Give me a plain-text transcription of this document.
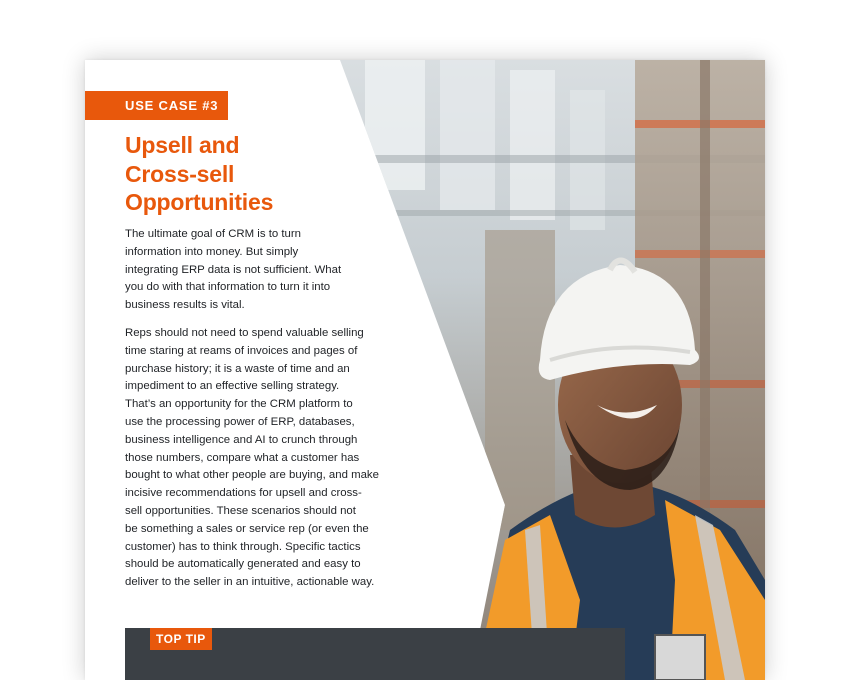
USE CASE #3
Upsell and
Cross-sell
Opportunities
The ultimate goal of CRM is to turn
information into money. But simply
integrating ERP data is not sufficient. What
you do with that information to turn it into
business results is vital.
Reps should not need to spend valuable selling
time staring at reams of invoices and pages of
purchase history; it is a waste of time and an
impediment to an effective selling strategy.
That’s an opportunity for the CRM platform to
use the processing power of ERP, databases,
business intelligence and AI to crunch through
those numbers, compare what a customer has
bought to what other people are buying, and make
incisive recommendations for upsell and cross-
sell opportunities. These scenarios should not
be something a sales or service rep (or even the
customer) has to think through. Specific tactics
should be automatically generated and easy to
deliver to the seller in an intuitive, actionable way.
TOP TIP
